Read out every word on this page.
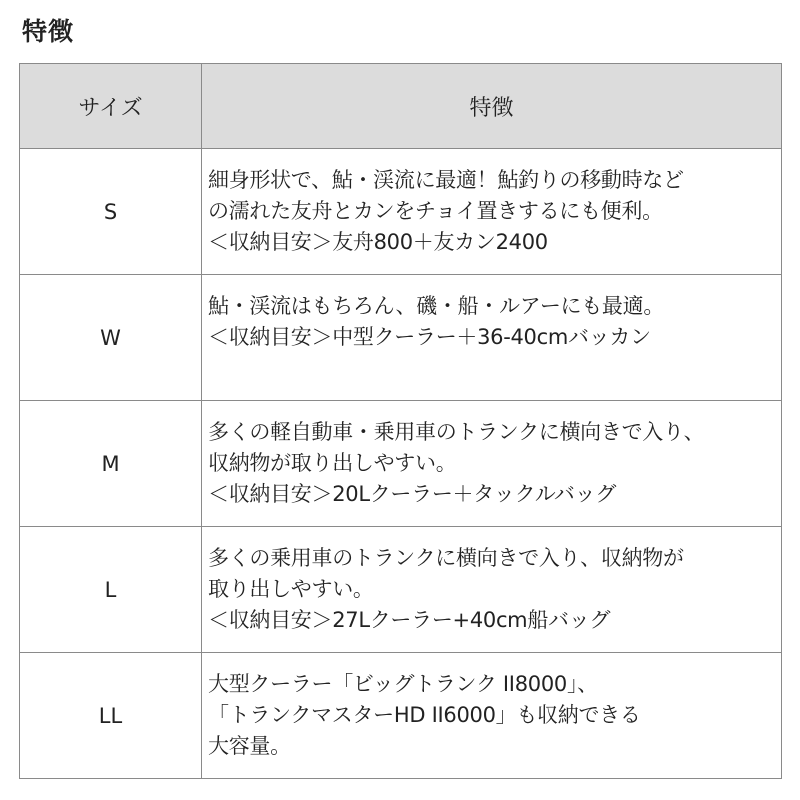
特徴
サイズ	特徴
S	細身形状で、鮎・渓流に最適！鮎釣りの移動時など
の濡れた友舟とカンをチョイ置きするにも便利。
＜収納目安＞友舟800＋友カン2400

W	鮎・渓流はもちろん、磯・船・ルアーにも最適。
＜収納目安＞中型クーラー＋36-40cmバッカン

M	多くの軽自動車・乗用車のトランクに横向きで入り、
収納物が取り出しやすい。
＜収納目安＞20Lクーラー＋タックルバッグ

L	多くの乗用車のトランクに横向きで入り、収納物が
取り出しやすい。
＜収納目安＞27Lクーラー+40cm船バッグ

LL	大型クーラー「ビッグトランク II8000」、
「トランクマスターHD II6000」も収納できる
大容量。
